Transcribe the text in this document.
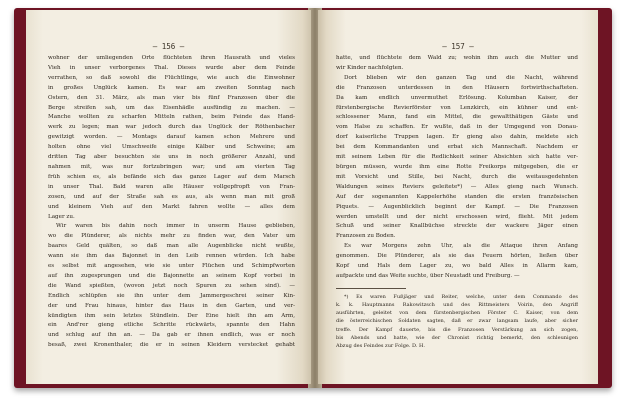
— 156 —
wohner der umliegenden Orte flüchteten ihren Hausrath und vieles
Vieh in unser verborgenes Thal. Dieses wurde aber dem Feinde
verrathen, so daß sowohl die Flüchtlinge, wie auch die Einwohner
in großes Unglück kamen. Es war am zweiten Sonntag nach
Ostern, den 31. März, als man vier bis fünf Franzosen über die
Berge streifen sah, um das Eisenhädle ausfündig zu machen. —
Manche wollten zu scharfen Mitteln rathen, beim Feinde das Hand-
werk zu legen; man war jedoch durch das Unglück der Röthenbacher
gewitzigt worden. — Montags darauf kamen schon Mehrere und
holten ohne viel Umschweife einige Kälber und Schweine; am
dritten Tag aber besuchten sie uns in noch größerer Anzahl, und
nahmen mit, was nur fortzubringen war; und am vierten Tag
früh schien es, als befände sich das ganze Lager auf dem Marsch
in unser Thal. Bald waren alle Häuser vollgepfropft von Fran-
zosen, und auf der Straße sah es aus, als wenn man mit groß
und kleinem Vieh auf den Markt fahren wollte — alles dem
Lager zu.
Wir waren bis dahin noch immer in unserm Hause geblieben,
wo die Plünderer, als nichts mehr zu finden war, den Vater um
baares Geld quälten, so daß man alle Augenblicke nicht wußte,
wann sie ihm das Bajonnet in den Leib rennen würden. Ich habe
es selbst mit angesehen, wie sie unter Flüchen und Schimpfworten
auf ihn zugesprungen und die Bajonnette an seinem Kopf vorbei in
die Wand spießten, (wovon jetzt noch Spuren zu sehen sind). —
Endlich schlüpfen sie ihn unter dem Jammergeschrei seiner Kin-
der und Frau hinaus, hinter das Haus in den Garten, und ver-
kündigten ihm sein letztes Stündlein. Der Eine hielt ihn am Arm,
ein And'rer gieng etliche Schritte rückwärts, spannte den Hahn
und schlug auf ihn an. — Da gab er ihnen endlich, was er noch
besaß, zwei Kronenthaler, die er in seinen Kleidern verstecket gehabt
— 157 —
hatte, und flüchtete dem Wald zu; wohin ihm auch die Mutter und
wir Kinder nachfolgten.
Dort blieben wir den ganzen Tag und die Nacht, während
die Franzosen unterdessen in den Häusern fortwirthschafteten.
Da kam endlich unvermuthet Erlösung. Kolumban Kaiser, der
fürstenbergische Revierförster von Lenzkirch, ein kühner und ent-
schlossener Mann, fand ein Mittel, die gewaltthätigen Gäste und
vom Halse zu schaffen. Er wußte, daß in der Umgegend von Donau-
dorf kaiserliche Truppen lagen. Er gieng also dahin, meldete sich
bei dem Kommandanten und erbat sich Mannschaft. Nachdem er
mit seinem Leben für die Redlichkeit seiner Absichten sich hatte ver-
bürgen müssen, wurde ihm eine Rotte Freikorps mitgegeben, die er
mit Vorsicht und Stille, bei Nacht, durch die weitausgedehnten
Waldungen seines Reviers geleitete*) — Alles gieng nach Wunsch.
Auf der sogenannten Kappelerhöhe standen die ersten französischen
Piquets. — Augenblicklich beginnt der Kampf. — Die Franzosen
werden umstellt und der nicht erschossen wird, flieht. Mit jedem
Schuß und seiner Knallbüchse streckte der wackere Jäger einen
Franzosen zu Boden.
Es war Morgens zehn Uhr, als die Attaque ihren Anfang
genommen. Die Plünderer, als sie das Feuern hörten, ließen über
Kopf und Hals dem Lager zu, wo bald Alles in Allarm kam,
aufpackte und das Weite suchte, über Neustadt und Freiburg. —
*) Es waren Fußjäger und Reiter, welche, unter dem Commando des
k. k. Hauptmanns Rakowitzsch und des Rittmeisters Voirin, den Angriff
ausführten, geleitet von dem fürstenbergischen Förster C. Kaiser, von dem
die österreichischen Soldaten sagten, daß er zwar langsam laufe, aber sicher
treffe. Der Kampf dauerte, bis die Franzosen Verstärkung an sich zogen,
bis Abends und hatte, wie der Chronist richtig bemerkt, den schleunigen
Abzug des Feindes zur Folge. D. H.
